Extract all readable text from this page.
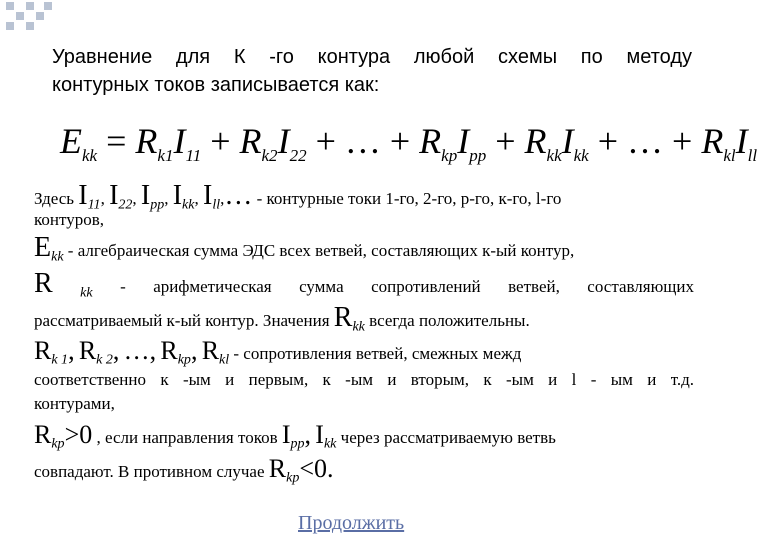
Уравнение для К -го контура любой схемы по методу
контурных токов записывается как:
$E_{kk} = R_{k1}I_{11} + R_{k2}I_{22}$ + … + $R_{kp}I_{pp} + R_{kk}I_{kk}$ + … + $R_{kl}I_{ll}$
Здесь $I_{11}$, $I_{22}$, $I_{pp}$, $I_{kk}$, $I_{ll},\dots$ - контурные токи 1-го, 2-го, р-го, к-го, l-го
контуров,
$E_{kk}$ - алгебраическая сумма ЭДС всех ветвей, составляющих к-ый контур,
R $_{kk}$ - арифметическая сумма сопротивлений ветвей, составляющих
рассматриваемый к-ый контур. Значения $R_{kk}$ всегда положительны.
$R_{k 1}$, $R_{k 2}$, …, $R_{kp}$, $R_{kl}$ - сопротивления ветвей, смежных межд
соответственно к -ым и первым, к -ым и вторым, к -ым и l - ым и т.д.
контурами,
$R_{kp}>0$ , если направления токов $I_{pp}$, $I_{kk}$ через рассматриваемую ветвь
совпадают. В противном случае $R_{kp}<0$.
Продолжить
